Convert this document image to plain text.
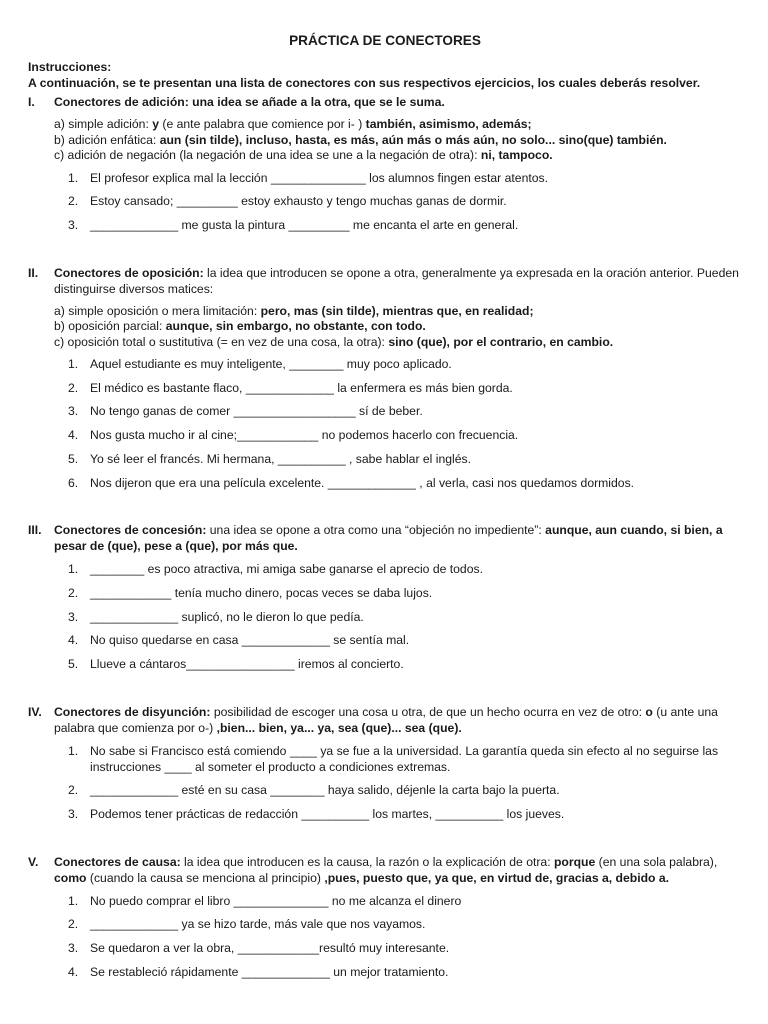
PRÁCTICA DE CONECTORES
Instrucciones:
A continuación, se te presentan una lista de conectores con sus respectivos ejercicios, los cuales deberás resolver.
I.	Conectores de adición: una idea se añade a la otra, que se le suma.
a) simple adición: y (e ante palabra que comience por i- ) también, asimismo, además;
b) adición enfática: aun (sin tilde), incluso, hasta, es más, aún más o más aún, no solo... sino(que) también.
c) adición de negación (la negación de una idea se une a la negación de otra): ni, tampoco.
1. El profesor explica mal la lección ______________ los alumnos fingen estar atentos.
2. Estoy cansado; _________ estoy exhausto y tengo muchas ganas de dormir.
3. _____________ me gusta la pintura _________ me encanta el arte en general.
II.	Conectores de oposición: la idea que introducen se opone a otra, generalmente ya expresada en la oración anterior. Pueden distinguirse diversos matices:
a) simple oposición o mera limitación: pero, mas (sin tilde), mientras que, en realidad;
b) oposición parcial: aunque, sin embargo, no obstante, con todo.
c) oposición total o sustitutiva (= en vez de una cosa, la otra): sino (que), por el contrario, en cambio.
1. Aquel estudiante es muy inteligente, ________ muy poco aplicado.
2. El médico es bastante flaco, _____________ la enfermera es más bien gorda.
3. No tengo ganas de comer __________________ sí de beber.
4. Nos gusta mucho ir al cine;____________ no podemos hacerlo con frecuencia.
5. Yo sé leer el francés. Mi hermana, __________ , sabe hablar el inglés.
6. Nos dijeron que era una película excelente. _____________ , al verla, casi nos quedamos dormidos.
III.	Conectores de concesión: una idea se opone a otra como una “objeción no impediente”: aunque, aun cuando, si bien, a pesar de (que), pese a (que), por más que.
1. ________ es poco atractiva, mi amiga sabe ganarse el aprecio de todos.
2. ____________ tenía mucho dinero, pocas veces se daba lujos.
3. _____________ suplicó, no le dieron lo que pedía.
4. No quiso quedarse en casa _____________ se sentía mal.
5. Llueve a cántaros________________ iremos al concierto.
IV.	Conectores de disyunción: posibilidad de escoger una cosa u otra, de que un hecho ocurra en vez de otro: o (u ante una palabra que comienza por o-) ,bien... bien, ya... ya, sea (que)... sea (que).
1. No sabe si Francisco está comiendo ____ ya se fue a la universidad. La garantía queda sin efecto al no seguirse las instrucciones ____ al someter el producto a condiciones extremas.
2. _____________ esté en su casa ________ haya salido, déjenle la carta bajo la puerta.
3. Podemos tener prácticas de redacción __________ los martes, __________ los jueves.
V.	Conectores de causa: la idea que introducen es la causa, la razón o la explicación de otra: porque (en una sola palabra), como (cuando la causa se menciona al principio) ,pues, puesto que, ya que, en virtud de, gracias a, debido a.
1. No puedo comprar el libro ______________ no me alcanza el dinero
2. _____________ ya se hizo tarde, más vale que nos vayamos.
3. Se quedaron a ver la obra, ____________resultó muy interesante.
4. Se restableció rápidamente _____________ un mejor tratamiento.
